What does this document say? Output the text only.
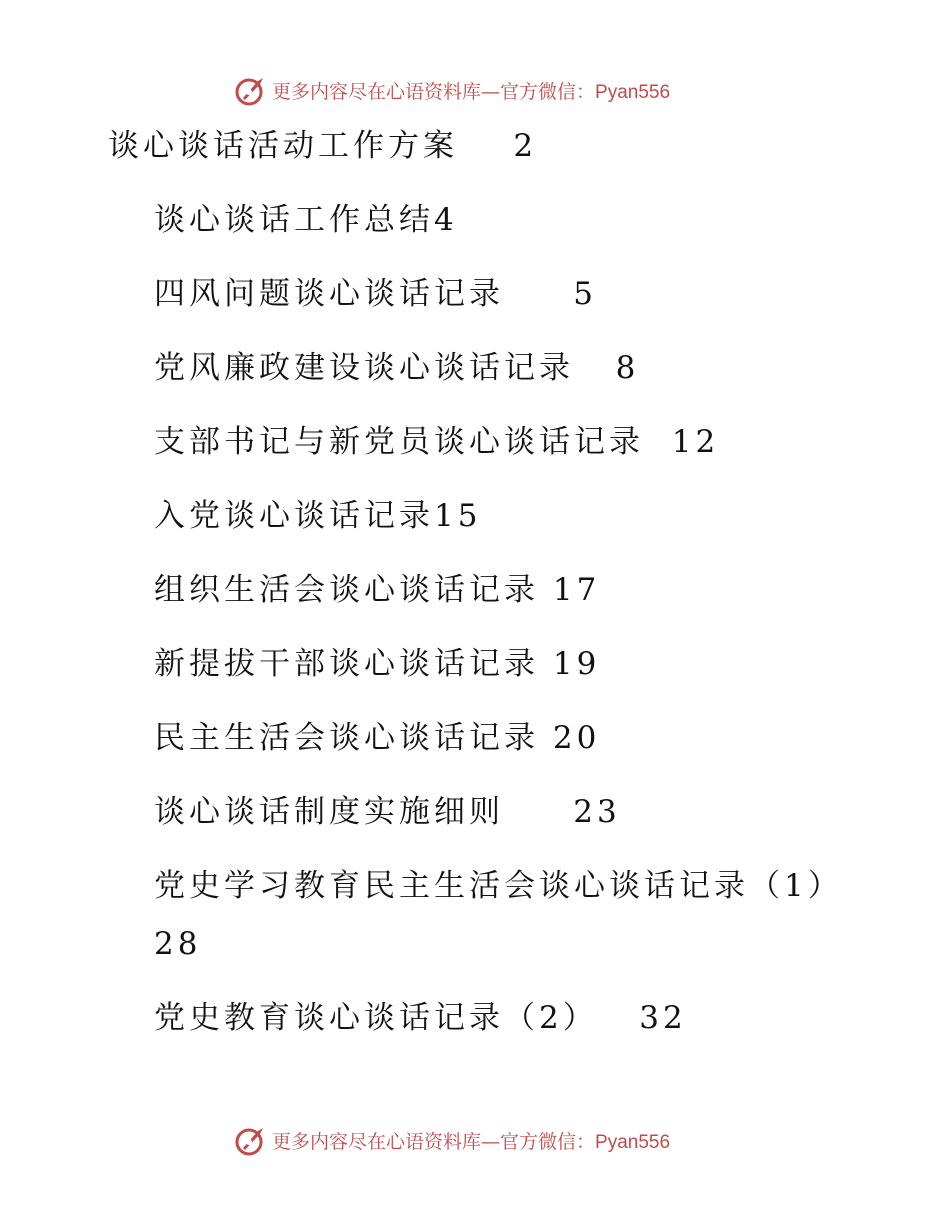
更多内容尽在心语资料库—官方微信：Pyan556
谈心谈话活动工作方案 2
谈心谈话工作总结4
四风问题谈心谈话记录 5
党风廉政建设谈心谈话记录 8
支部书记与新党员谈心谈话记录 12
入党谈心谈话记录15
组织生活会谈心谈话记录 17
新提拔干部谈心谈话记录 19
民主生活会谈心谈话记录 20
谈心谈话制度实施细则 23
党史学习教育民主生活会谈心谈话记录（1）
28
党史教育谈心谈话记录（2） 32
更多内容尽在心语资料库—官方微信：Pyan556
